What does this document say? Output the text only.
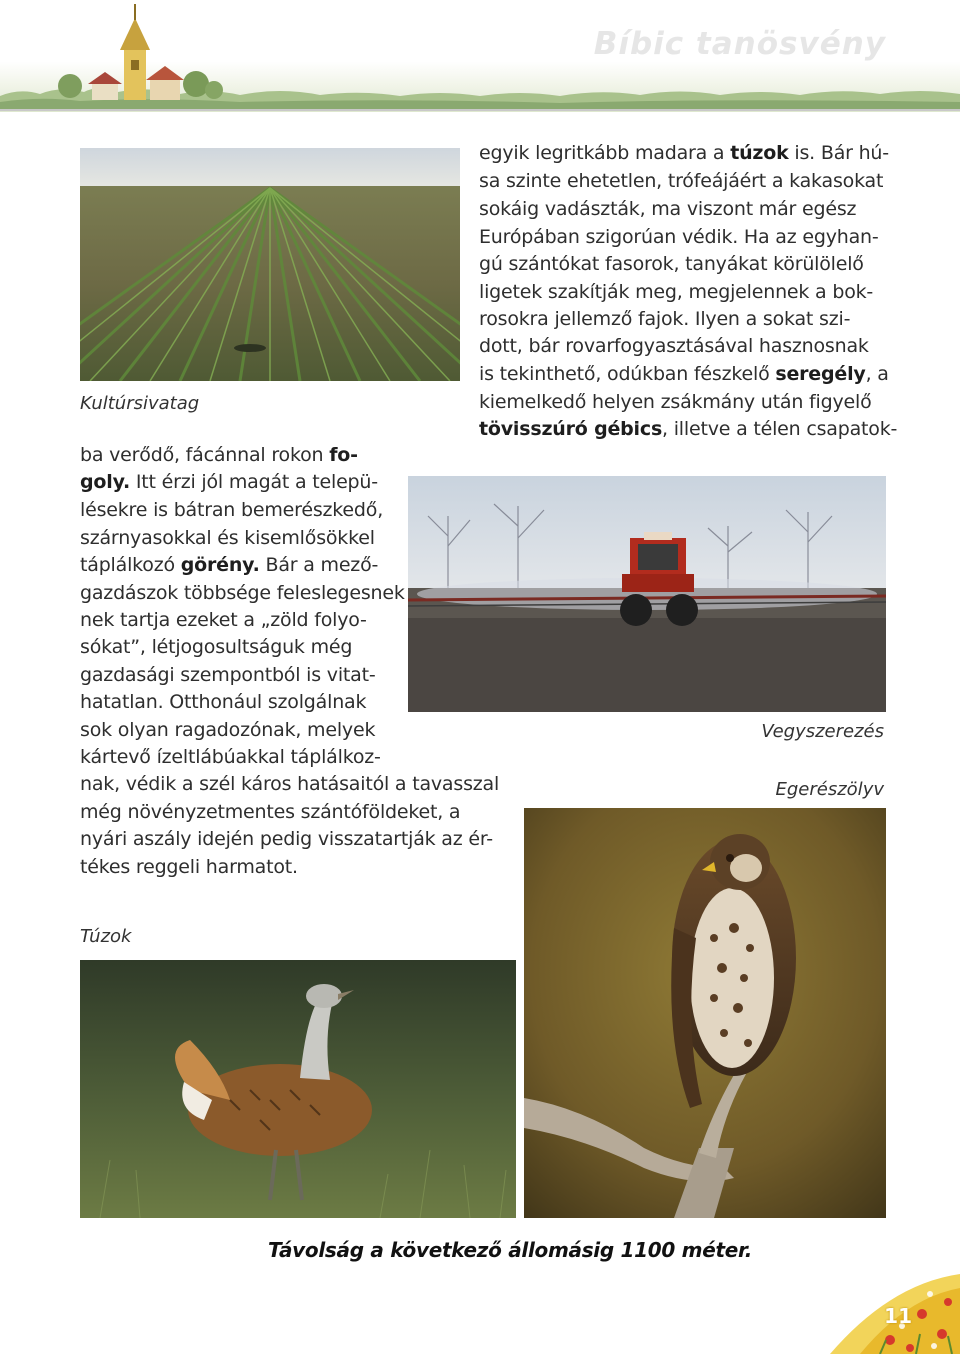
Bíbic tanösvény
Kultúrsivatag
Vegyszerezés
Egerészölyv
Túzok
egyik legritkább madara a túzok is. Bár hú-
sa szinte ehetetlen, trófeájáért a kakasokat
sokáig vadászták, ma viszont már egész
Európában szigorúan védik. Ha az egyhan-
gú szántókat fasorok, tanyákat körülölelő
ligetek szakítják meg, megjelennek a bok-
rosokra jellemző fajok. Ilyen a sokat szi-
dott, bár rovarfogyasztásával hasznosnak
is tekinthető, odúkban fészkelő seregély, a
kiemelkedő helyen zsákmány után figyelő
tövisszúró gébics, illetve a télen csapatok-
ba verődő, fácánnal rokon fo-
goly. Itt érzi jól magát a telepü-
lésekre is bátran bemerészkedő,
szárnyasokkal és kisemlősökkel
táplálkozó görény. Bár a mező-
gazdászok többsége feleslegesnek
nek tartja ezeket a „zöld folyo-
sókat”, létjogosultságuk még
gazdasági szempontból is vitat-
hatatlan. Otthonául szolgálnak
sok olyan ragadozónak, melyek
kártevő ízeltlábúakkal táplálkoz-
nak, védik a szél káros hatásaitól a tavasszal
még növényzetmentes szántóföldeket, a
nyári aszály idején pedig visszatartják az ér-
tékes reggeli harmatot.
Távolság a következő állomásig 1100 méter.
11
